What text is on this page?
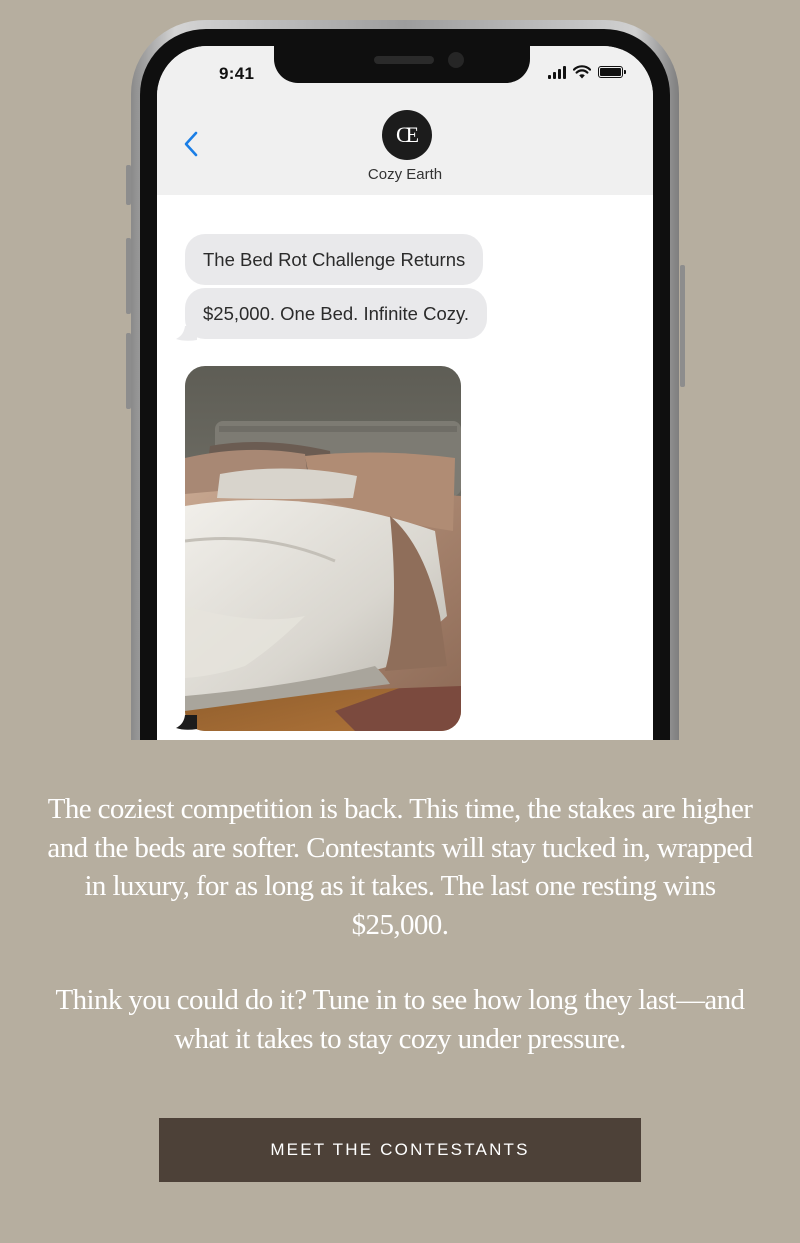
9:41
CE
Cozy Earth
The Bed Rot Challenge Returns
$25,000. One Bed. Infinite Cozy.

The coziest competition is back. This time, the stakes are higher and the beds are softer. Contestants will stay tucked in, wrapped in luxury, for as long as it takes. The last one resting wins $25,000.

Think you could do it? Tune in to see how long they last—and what it takes to stay cozy under pressure.

MEET THE CONTESTANTS
